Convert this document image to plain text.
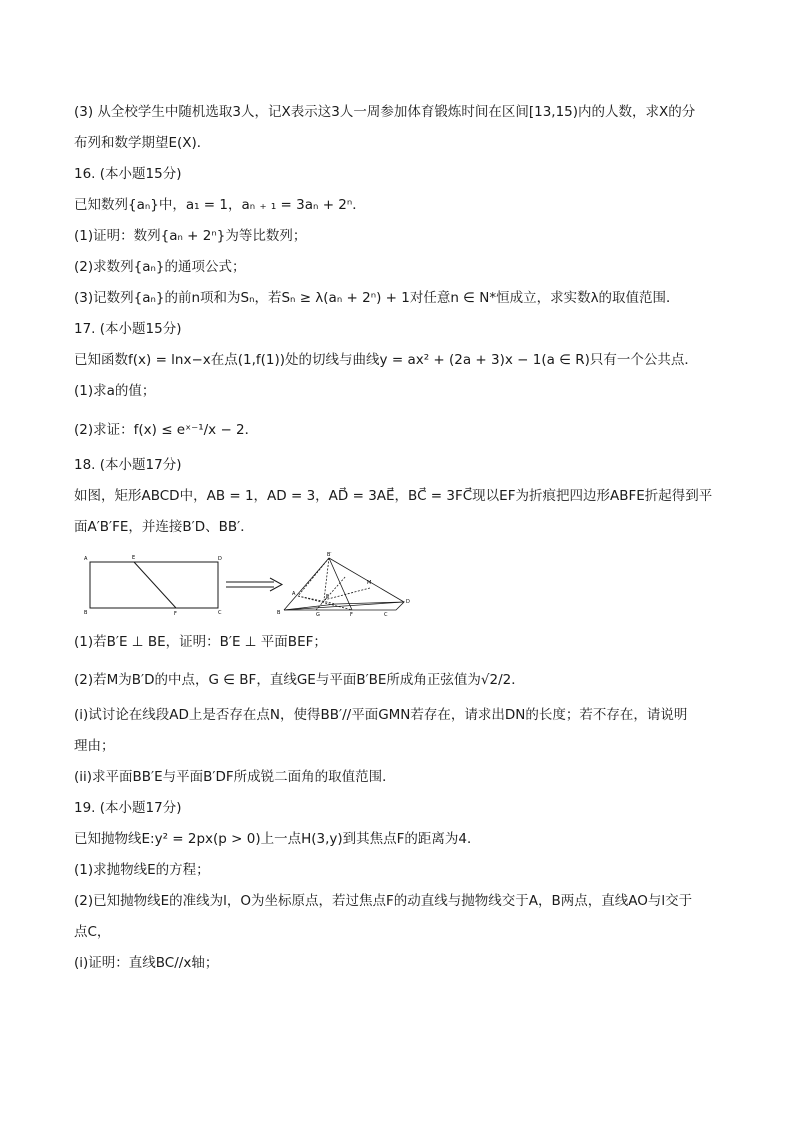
(3) 从全校学生中随机选取3人，记X表示这3人一周参加体育锻炼时间在区间[13,15)内的人数，求X的分
布列和数学期望E(X)．
16. (本小题15分)
已知数列{aₙ}中，a₁ = 1，aₙ ₊ ₁ = 3aₙ + 2ⁿ．
(1)证明：数列{aₙ + 2ⁿ}为等比数列；
(2)求数列{aₙ}的通项公式；
(3)记数列{aₙ}的前n项和为Sₙ，若Sₙ ≥ λ(aₙ + 2ⁿ) + 1对任意n ∈ N*恒成立，求实数λ的取值范围．
17. (本小题15分)
已知函数f(x) = lnx−x在点(1,f(1))处的切线与曲线y = ax² + (2a + 3)x − 1(a ∈ R)只有一个公共点．
(1)求a的值；
(2)求证：f(x) ≤ eˣ⁻¹/x − 2．
18. (本小题17分)
如图，矩形ABCD中，AB = 1，AD = 3，AD⃗ = 3AE⃗，BC⃗ = 3FC⃗现以EF为折痕把四边形ABFE折起得到平
面A′B′FE，并连接B′D、BB′．
A	E	D
B	F	C
B′
A
M
E
D
B	G	F	C
(1)若B′E ⊥ BE，证明：B′E ⊥ 平面BEF；
(2)若M为B′D的中点，G ∈ BF，直线GE与平面B′BE所成角正弦值为√2/2．
(i)试讨论在线段AD上是否存在点N，使得BB′//平面GMN若存在，请求出DN的长度；若不存在，请说明
理由；
(ii)求平面BB′E与平面B′DF所成锐二面角的取值范围．
19. (本小题17分)
已知抛物线E:y² = 2px(p > 0)上一点H(3,y)到其焦点F的距离为4．
(1)求抛物线E的方程；
(2)已知抛物线E的准线为l，O为坐标原点，若过焦点F的动直线与抛物线交于A，B两点，直线AO与l交于
点C，
(i)证明：直线BC//x轴；
